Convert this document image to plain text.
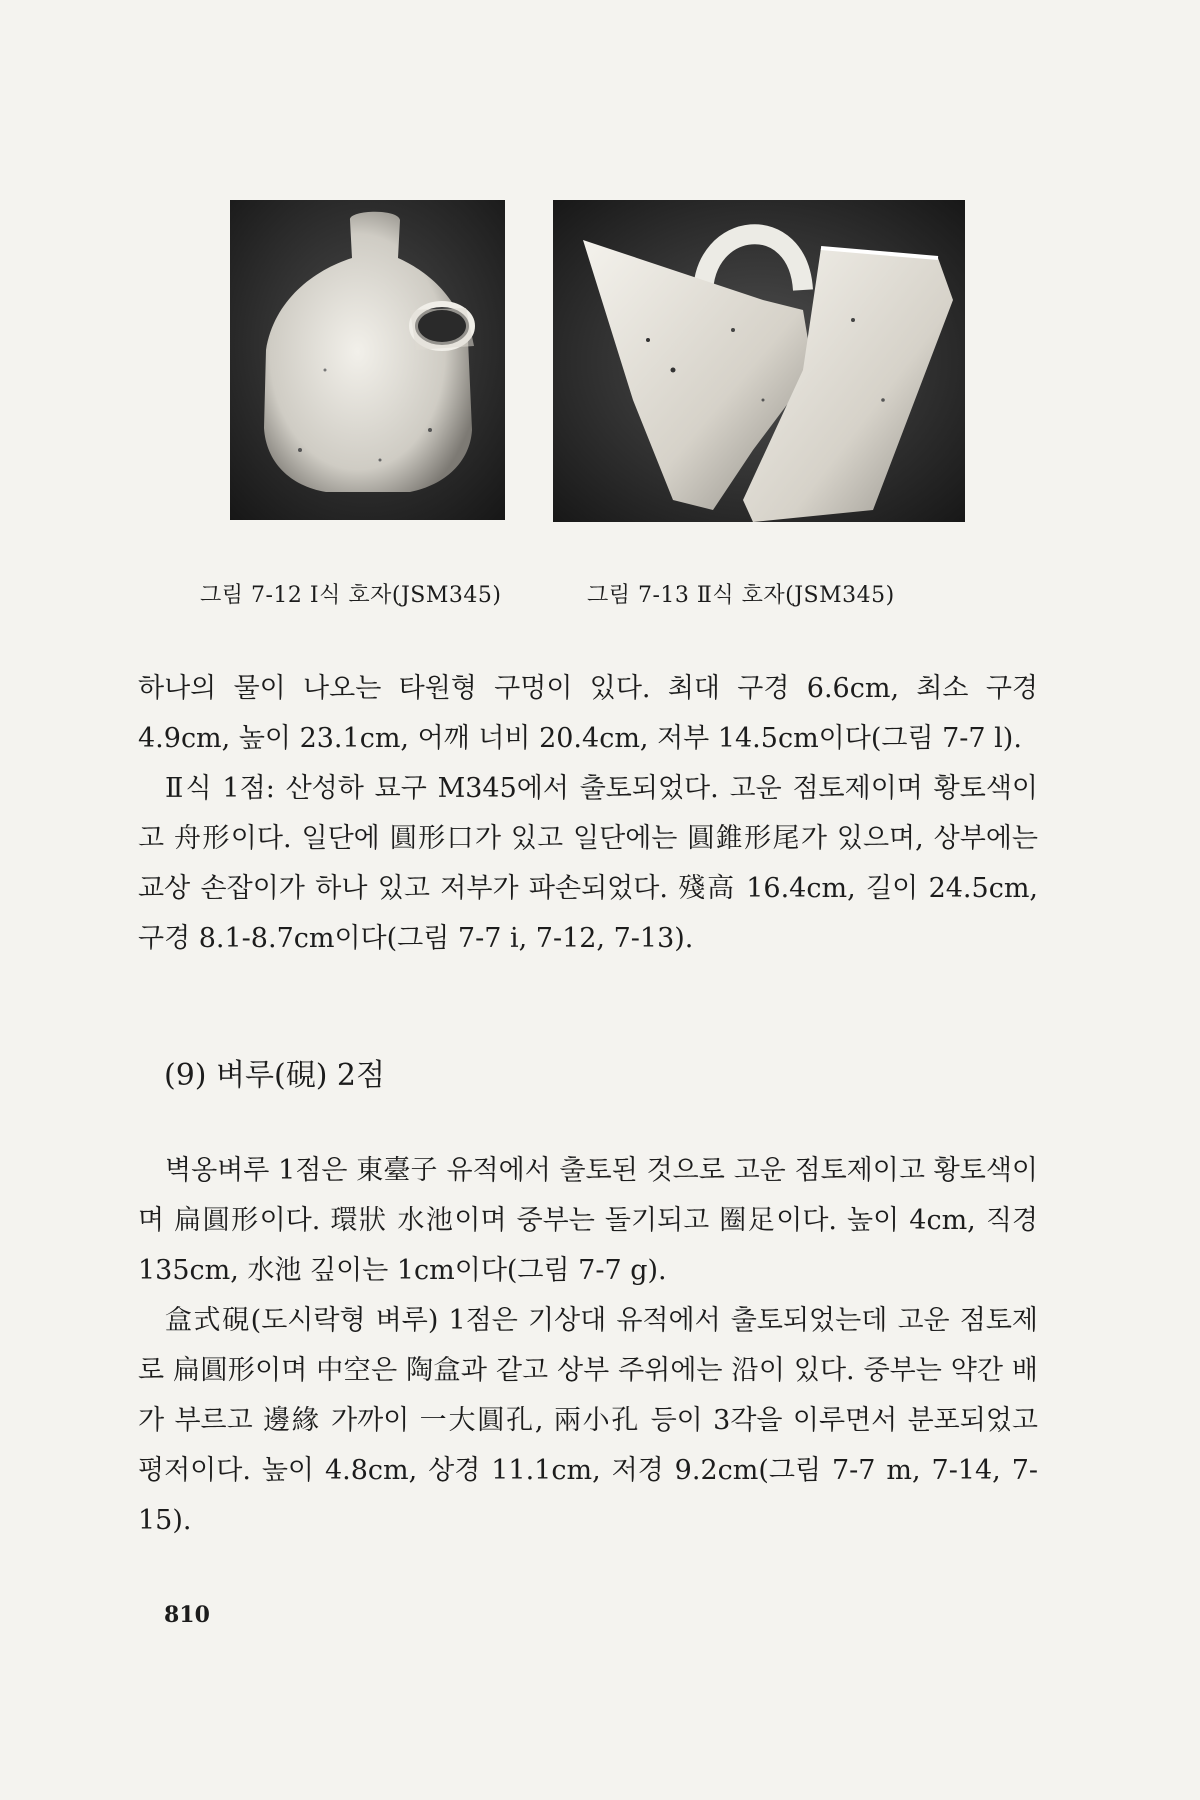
그림 7-12 Ⅰ식 호자(JSM345)	그림 7-13 Ⅱ식 호자(JSM345)

하나의 물이 나오는 타원형 구멍이 있다. 최대 구경 6.6cm, 최소 구경 4.9cm, 높이 23.1cm, 어깨 너비 20.4cm, 저부 14.5cm이다(그림 7-7 l).

Ⅱ식 1점: 산성하 묘구 M345에서 출토되었다. 고운 점토제이며 황토색이고 舟形이다. 일단에 圓形口가 있고 일단에는 圓錐形尾가 있으며, 상부에는 교상 손잡이가 하나 있고 저부가 파손되었다. 殘高 16.4cm, 길이 24.5cm, 구경 8.1-8.7cm이다(그림 7-7 i, 7-12, 7-13).

(9) 벼루(硯) 2점

벽옹벼루 1점은 東臺子 유적에서 출토된 것으로 고운 점토제이고 황토색이며 扁圓形이다. 環狀 水池이며 중부는 돌기되고 圈足이다. 높이 4cm, 직경 135cm, 水池 깊이는 1cm이다(그림 7-7 g).

盒式硯(도시락형 벼루) 1점은 기상대 유적에서 출토되었는데 고운 점토제로 扁圓形이며 中空은 陶盒과 같고 상부 주위에는 沿이 있다. 중부는 약간 배가 부르고 邊緣 가까이 一大圓孔, 兩小孔 등이 3각을 이루면서 분포되었고 평저이다. 높이 4.8cm, 상경 11.1cm, 저경 9.2cm(그림 7-7 m, 7-14, 7-15).

810
